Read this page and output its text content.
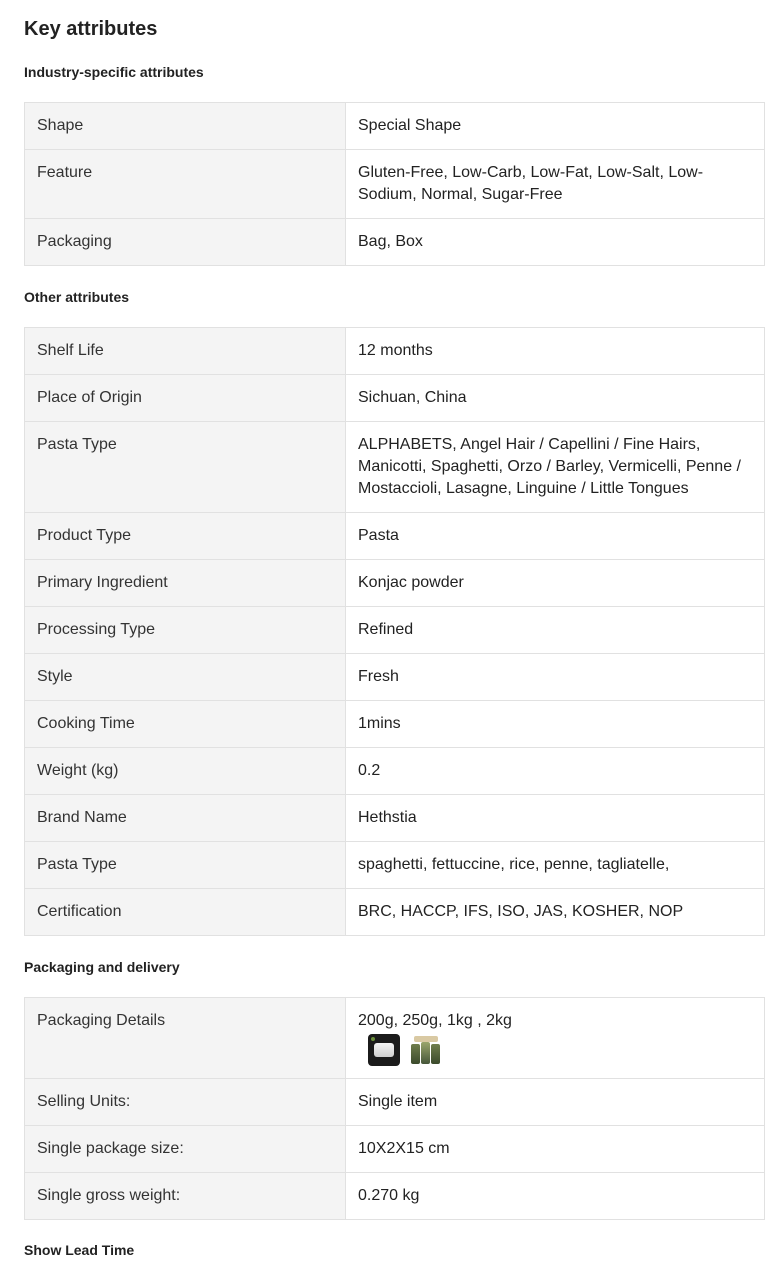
Key attributes
Industry-specific attributes
Shape	Special Shape
Feature	Gluten-Free, Low-Carb, Low-Fat, Low-Salt, Low-Sodium, Normal, Sugar-Free
Packaging	Bag, Box
Other attributes
Shelf Life	12 months
Place of Origin	Sichuan, China
Pasta Type	ALPHABETS, Angel Hair / Capellini / Fine Hairs, Manicotti, Spaghetti, Orzo / Barley, Vermicelli, Penne / Mostaccioli, Lasagne, Linguine / Little Tongues
Product Type	Pasta
Primary Ingredient	Konjac powder
Processing Type	Refined
Style	Fresh
Cooking Time	1mins
Weight (kg)	0.2
Brand Name	Hethstia
Pasta Type	spaghetti, fettuccine, rice, penne, tagliatelle,
Certification	BRC, HACCP, IFS, ISO, JAS, KOSHER, NOP
Packaging and delivery
Packaging Details	200g, 250g, 1kg , 2kg

Selling Units:	Single item
Single package size:	10X2X15 cm
Single gross weight:	0.270 kg
Show Lead Time
